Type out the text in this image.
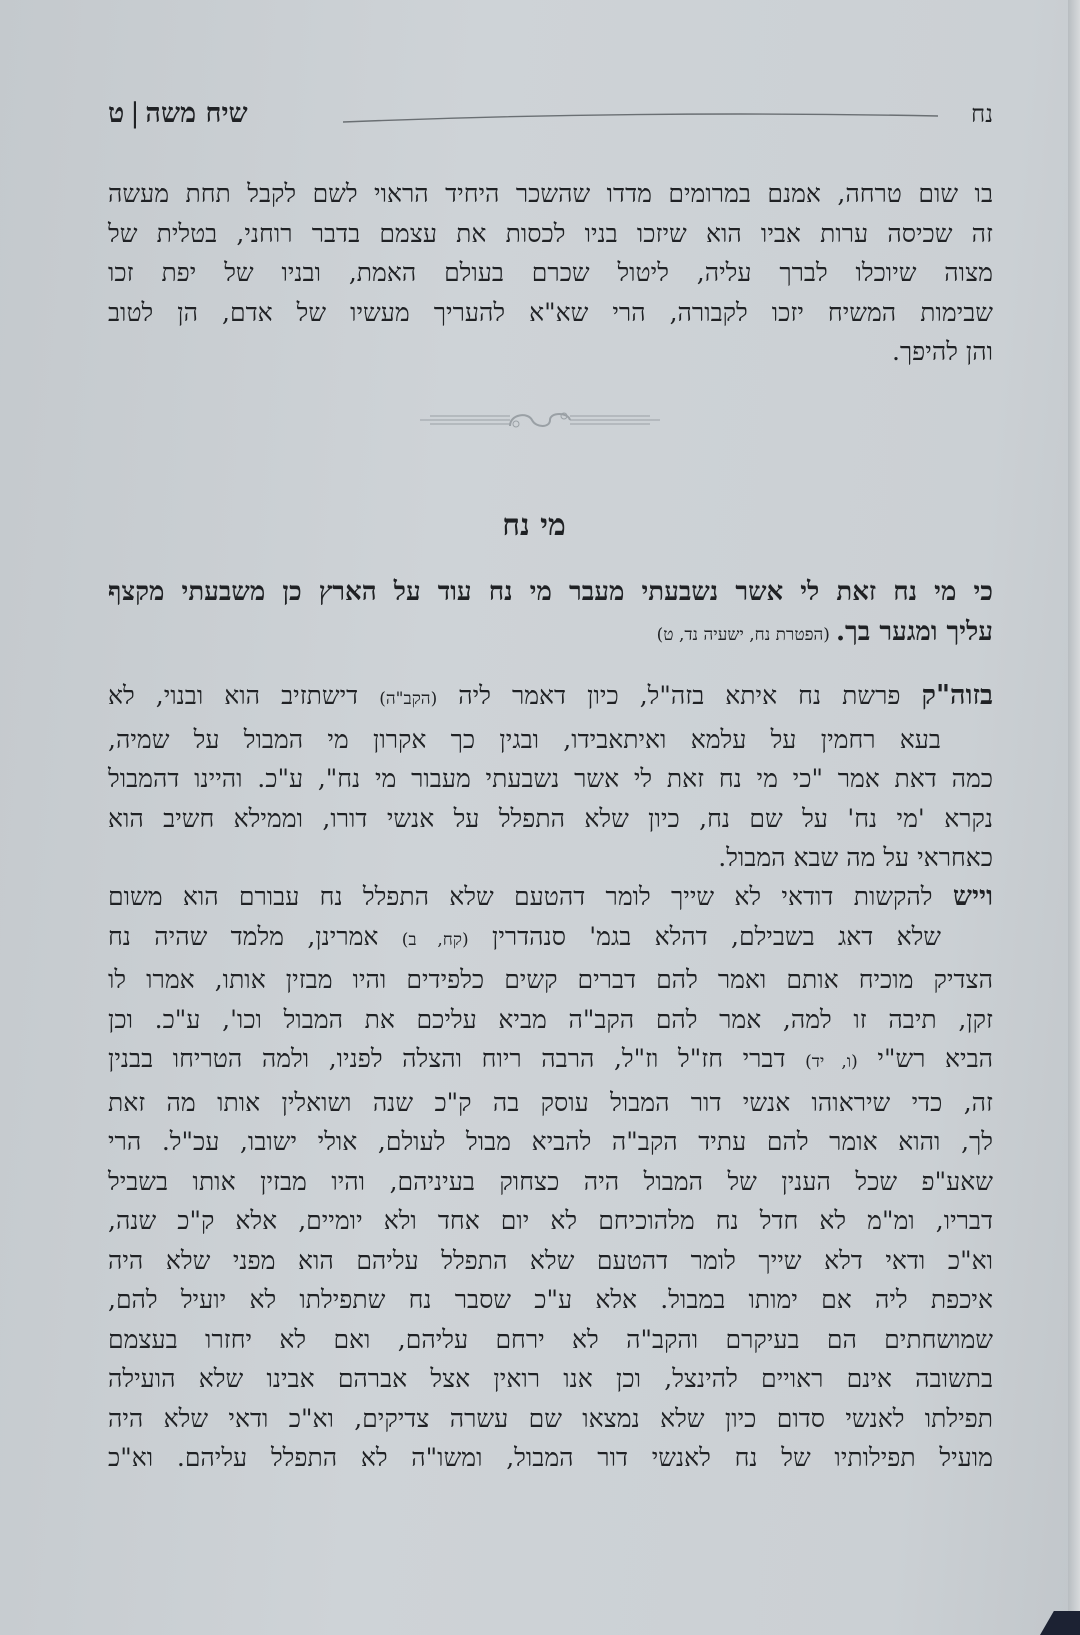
נח
שיח משה|ט
בו שום טרחה, אמנם במרומים מדדו שהשכר היחיד הראוי לשם לקבל תחת מעשה
זה שכיסה ערות אביו הוא שיזכו בניו לכסות את עצמם בדבר רוחני, בטלית של
מצוה שיוכלו לברך עליה, ליטול שכרם בעולם האמת, ובניו של יפת זכו
שבימות המשיח יזכו לקבורה, הרי שא"א להעריך מעשיו של אדם, הן לטוב
והן להיפך.
מי נח
כי מי נח זאת לי אשר נשבעתי מעבר מי נח עוד על הארץ כן משבעתי מקצף
עליך ומגער בך.(הפטרת נח, ישעיה נד, ט)
בזוה"ק פרשת נח איתא בזה"ל, כיון דאמר ליה (הקב"ה) דישתזיב הוא ובנוי, לא
בעא רחמין על עלמא ואיתאבידו, ובגין כך אקרון מי המבול על שמיה,
כמה דאת אמר "כי מי נח זאת לי אשר נשבעתי מעבור מי נח", ע"כ. והיינו דהמבול
נקרא 'מי נח' על שם נח, כיון שלא התפלל על אנשי דורו, וממילא חשיב הוא
כאחראי על מה שבא המבול.
וייש להקשות דודאי לא שייך לומר דהטעם שלא התפלל נח עבורם הוא משום
שלא דאג בשבילם, דהלא בגמ' סנהדרין (קח, ב) אמרינן, מלמד שהיה נח
הצדיק מוכיח אותם ואמר להם דברים קשים כלפידים והיו מבזין אותו, אמרו לו
זקן, תיבה זו למה, אמר להם הקב"ה מביא עליכם את המבול וכו', ע"כ. וכן
הביא רש"י (ו, יד) דברי חז"ל וז"ל, הרבה ריוח והצלה לפניו, ולמה הטריחו בבנין
זה, כדי שיראוהו אנשי דור המבול עוסק בה ק"כ שנה ושואלין אותו מה זאת
לך, והוא אומר להם עתיד הקב"ה להביא מבול לעולם, אולי ישובו, עכ"ל. הרי
שאע"פ שכל הענין של המבול היה כצחוק בעיניהם, והיו מבזין אותו בשביל
דבריו, ומ"מ לא חדל נח מלהוכיחם לא יום אחד ולא יומיים, אלא ק"כ שנה,
וא"כ ודאי דלא שייך לומר דהטעם שלא התפלל עליהם הוא מפני שלא היה
איכפת ליה אם ימותו במבול. אלא ע"כ שסבר נח שתפילתו לא יועיל להם,
שמושחתים הם בעיקרם והקב"ה לא ירחם עליהם, ואם לא יחזרו בעצמם
בתשובה אינם ראויים להינצל, וכן אנו רואין אצל אברהם אבינו שלא הועילה
תפילתו לאנשי סדום כיון שלא נמצאו שם עשרה צדיקים, וא"כ ודאי שלא היה
מועיל תפילותיו של נח לאנשי דור המבול, ומשו"ה לא התפלל עליהם. וא"כ
